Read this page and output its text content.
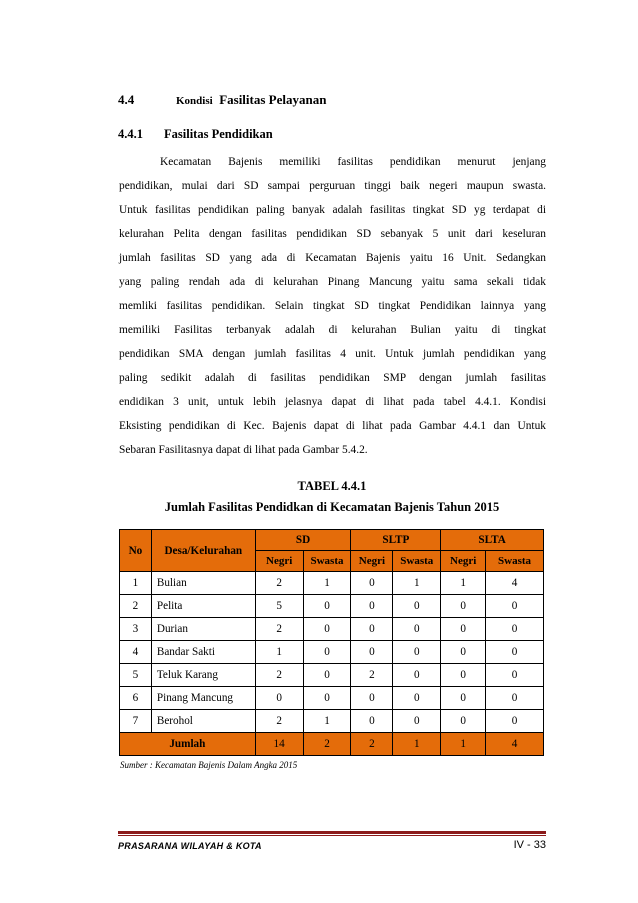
4.4	Kondisi Fasilitas Pelayanan
4.4.1 Fasilitas Pendidikan
Kecamatan Bajenis memiliki fasilitas pendidikan menurut jenjang
pendidikan, mulai dari SD sampai perguruan tinggi baik negeri maupun swasta.
Untuk fasilitas pendidikan paling banyak adalah fasilitas tingkat SD yg terdapat di
kelurahan Pelita dengan fasilitas pendidikan SD sebanyak 5 unit dari keseluran
jumlah fasilitas SD yang ada di Kecamatan Bajenis yaitu 16 Unit. Sedangkan
yang paling rendah ada di kelurahan Pinang Mancung yaitu sama sekali tidak
memliki fasilitas pendidikan. Selain tingkat SD tingkat Pendidikan lainnya yang
memiliki Fasilitas terbanyak adalah di kelurahan Bulian yaitu di tingkat
pendidikan SMA dengan jumlah fasilitas 4 unit. Untuk jumlah pendidikan yang
paling sedikit adalah di fasilitas pendidikan SMP dengan jumlah fasilitas
endidikan 3 unit, untuk lebih jelasnya dapat di lihat pada tabel 4.4.1. Kondisi
Eksisting pendidikan di Kec. Bajenis dapat di lihat pada Gambar 4.4.1 dan Untuk
Sebaran Fasilitasnya dapat di lihat pada Gambar 5.4.2.
TABEL 4.4.1
Jumlah Fasilitas Pendidkan di Kecamatan Bajenis Tahun 2015
No	Desa/Kelurahan	SD		SLTP		SLTA	
		Negri	Swasta	Negri	Swasta	Negri	Swasta
1	Bulian	2	1	0	1	1	4
2	Pelita	5	0	0	0	0	0
3	Durian	2	0	0	0	0	0
4	Bandar Sakti	1	0	0	0	0	0
5	Teluk Karang	2	0	2	0	0	0
6	Pinang Mancung	0	0	0	0	0	0
7	Berohol	2	1	0	0	0	0
Jumlah		14	2	2	1	1	4
Sumber : Kecamatan Bajenis Dalam Angka 2015
PRASARANA WILAYAH & KOTA	IV - 33
